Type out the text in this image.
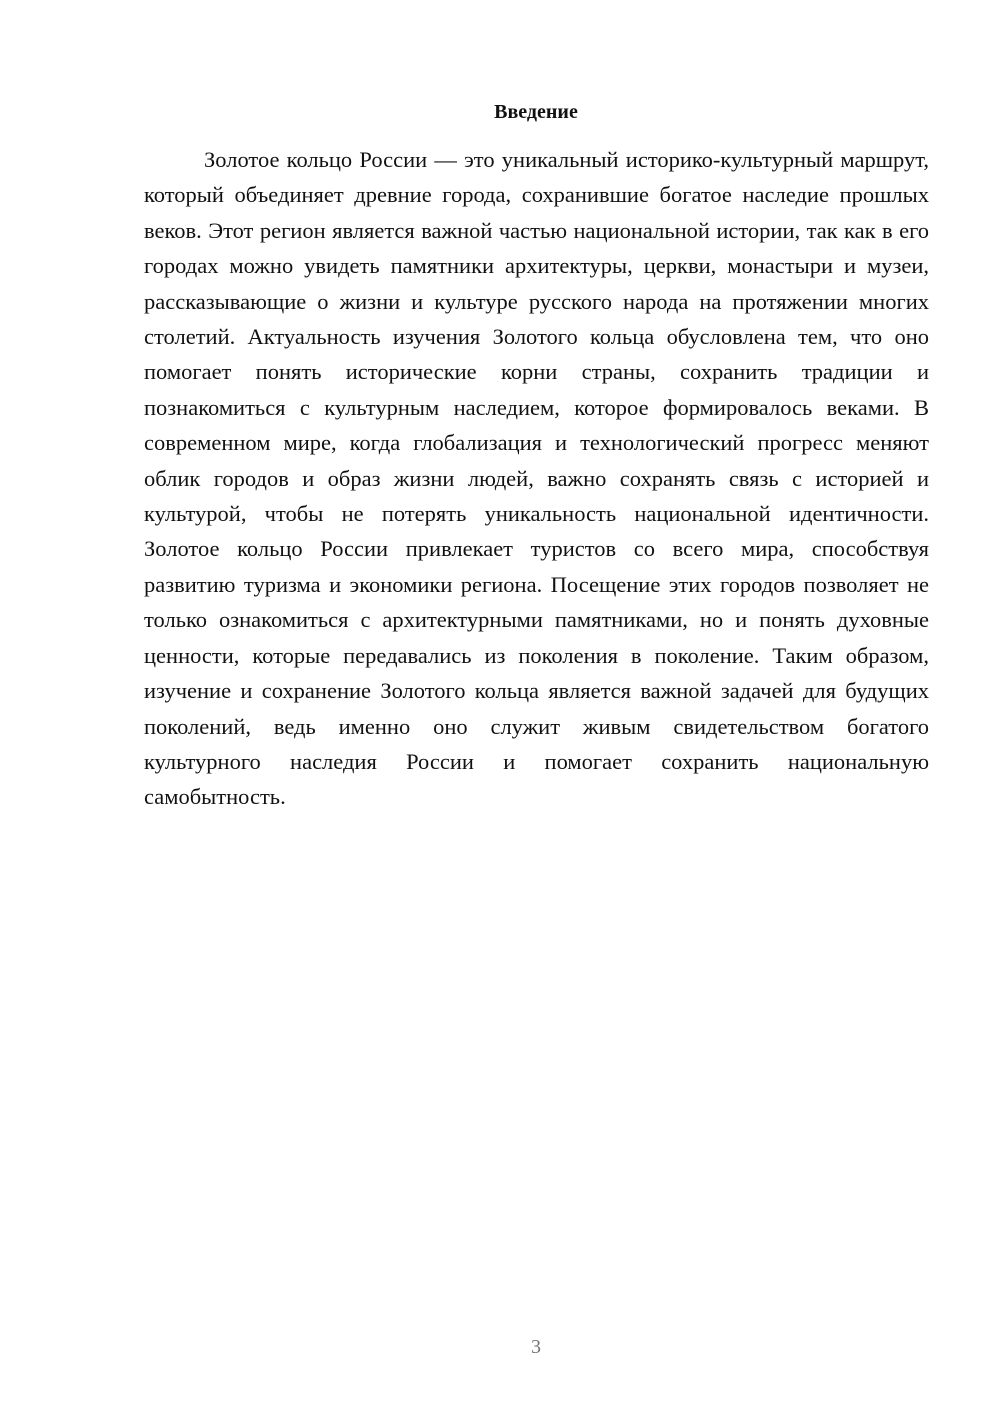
Введение

Золотое кольцо России — это уникальный историко-культурный маршрут, который объединяет древние города, сохранившие богатое наследие прошлых веков. Этот регион является важной частью национальной истории, так как в его городах можно увидеть памятники архитектуры, церкви, монастыри и музеи, рассказывающие о жизни и культуре русского народа на протяжении многих столетий. Актуальность изучения Золотого кольца обусловлена тем, что оно помогает понять исторические корни страны, сохранить традиции и познакомиться с культурным наследием, которое формировалось веками. В современном мире, когда глобализация и технологический прогресс меняют облик городов и образ жизни людей, важно сохранять связь с историей и культурой, чтобы не потерять уникальность национальной идентичности. Золотое кольцо России привлекает туристов со всего мира, способствуя развитию туризма и экономики региона. Посещение этих городов позволяет не только ознакомиться с архитектурными памятниками, но и понять духовные ценности, которые передавались из поколения в поколение. Таким образом, изучение и сохранение Золотого кольца является важной задачей для будущих поколений, ведь именно оно служит живым свидетельством богатого культурного наследия России и помогает сохранить национальную самобытность.

3
